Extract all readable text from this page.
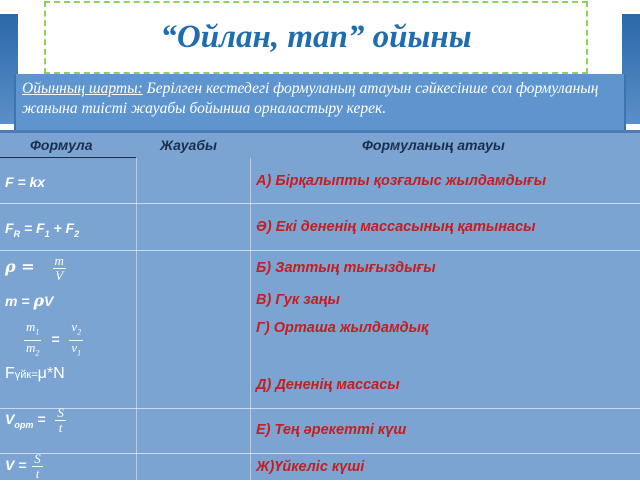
“Ойлан, тап” ойыны

Ойынның шарты: Берілген кестедегі формуланың атауын сәйкесінше сол формуланың жанына тиісті жауабы бойынша орналастыру керек.

Формула	Жауабы	Формуланың атауы
F = kx
$F_R = F_1 + F_2$
$\rho = \frac{m}{V}$
m = ρV
$\frac{m_1}{m_2} = \frac{v_2}{v_1}$
Fүйк=μ*N
$V_{орт} = \frac{S}{t}$
$V = \frac{S}{t}$
А) Бірқалыпты қозғалыс жылдамдығы
Ә) Екі дененің массасының қатынасы
Б) Заттың тығыздығы
В) Гук заңы
Г) Орташа жылдамдық
Д) Дененің массасы
Е) Тең әрекетті күш
Ж)Үйкеліс күші
